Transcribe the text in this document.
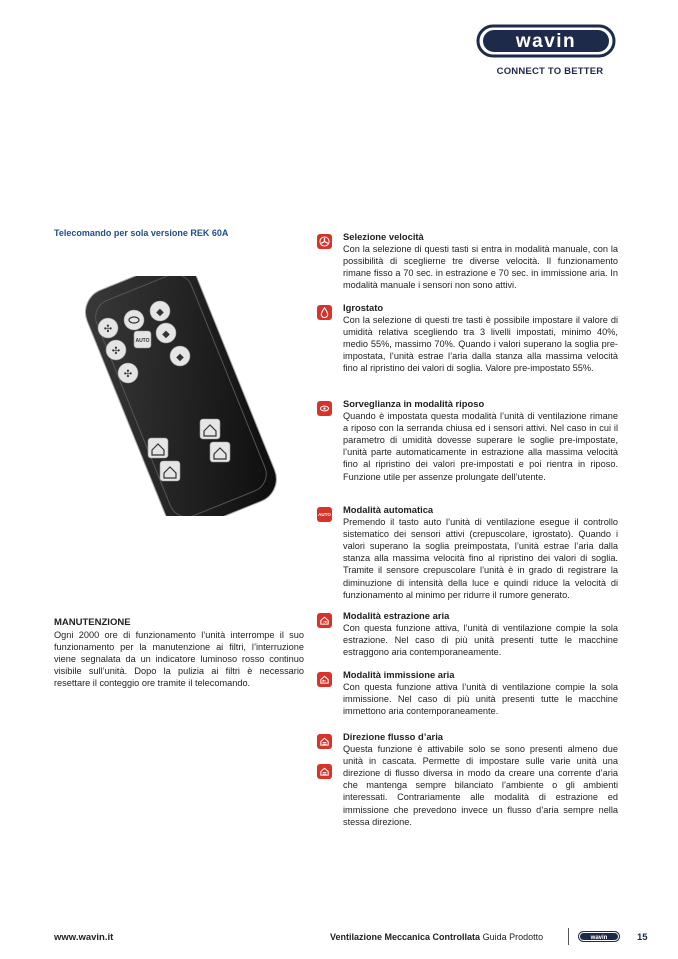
wavin
CONNECT TO BETTER
Telecomando per sola versione REK 60A
✣
◆
✣
◆
✣
◆
AUTO
MANUTENZIONE

Ogni 2000 ore di funzionamento l’unità interrompe il suo funzionamento per la manutenzione ai filtri, l’interruzione viene segnalata da un indicatore luminoso rosso continuo visibile sull’unità. Dopo la pulizia ai filtri è necessario resettare il conteggio ore tramite il telecomando.

Selezione velocità

Con la selezione di questi tasti si entra in modalità manuale, con la possibilità di sceglierne tre diverse velocità. Il funzionamento rimane fisso a 70 sec. in estrazione e 70 sec. in immissione aria. In modalità manuale i sensori non sono attivi.

Igrostato

Con la selezione di questi tre tasti è possibile impostare il valore di umidità relativa scegliendo tra 3 livelli impostati, minimo 40%, medio 55%, massimo 70%. Quando i valori superano la soglia pre-impostata, l’unità estrae l’aria dalla stanza alla massima velocità fino al ripristino dei valori di soglia. Valore pre-impostato 55%.

Sorveglianza in modalità riposo

Quando è impostata questa modalità l’unità di ventilazione rimane a riposo con la serranda chiusa ed i sensori attivi. Nel caso in cui il parametro di umidità dovesse superare le soglie pre-impostate, l’unità parte automaticamente in estrazione alla massima velocità fino al ripristino dei valori pre-impostati e poi rientra in riposo. Funzione utile per assenze prolungate dell’utente.

AUTO Modalità automatica

Premendo il tasto auto l’unità di ventilazione esegue il controllo sistematico dei sensori attivi (crepuscolare, igrostato). Quando i valori superano la soglia preimpostata, l’unità estrae l’aria dalla stanza alla massima velocità fino al ripristino dei valori di soglia. Tramite il sensore crepuscolare l’unità è in grado di registrare la diminuzione di intensità della luce e quindi riduce la velocità di funzionamento al minimo per ridurre il rumore generato.

Modalità estrazione aria

Con questa funzione attiva, l’unità di ventilazione compie la sola estrazione. Nel caso di più unità presenti tutte le macchine estraggono aria contemporaneamente.

Modalità immissione aria

Con questa funzione attiva l’unità di ventilazione compie la sola immissione. Nel caso di più unità presenti tutte le macchine immettono aria contemporaneamente.

Direzione flusso d’aria

Questa funzione è attivabile solo se sono presenti almeno due unità in cascata. Permette di impostare sulle varie unità una direzione di flusso diversa in modo da creare una corrente d’aria che mantenga sempre bilanciato l’ambiente o gli ambienti interessati. Contrariamente alle modalità di estrazione ed immissione che prevedono invece un flusso d’aria sempre nella stessa direzione.

www.wavin.it	Ventilazione Meccanica Controllata Guida Prodotto	wavin	15
